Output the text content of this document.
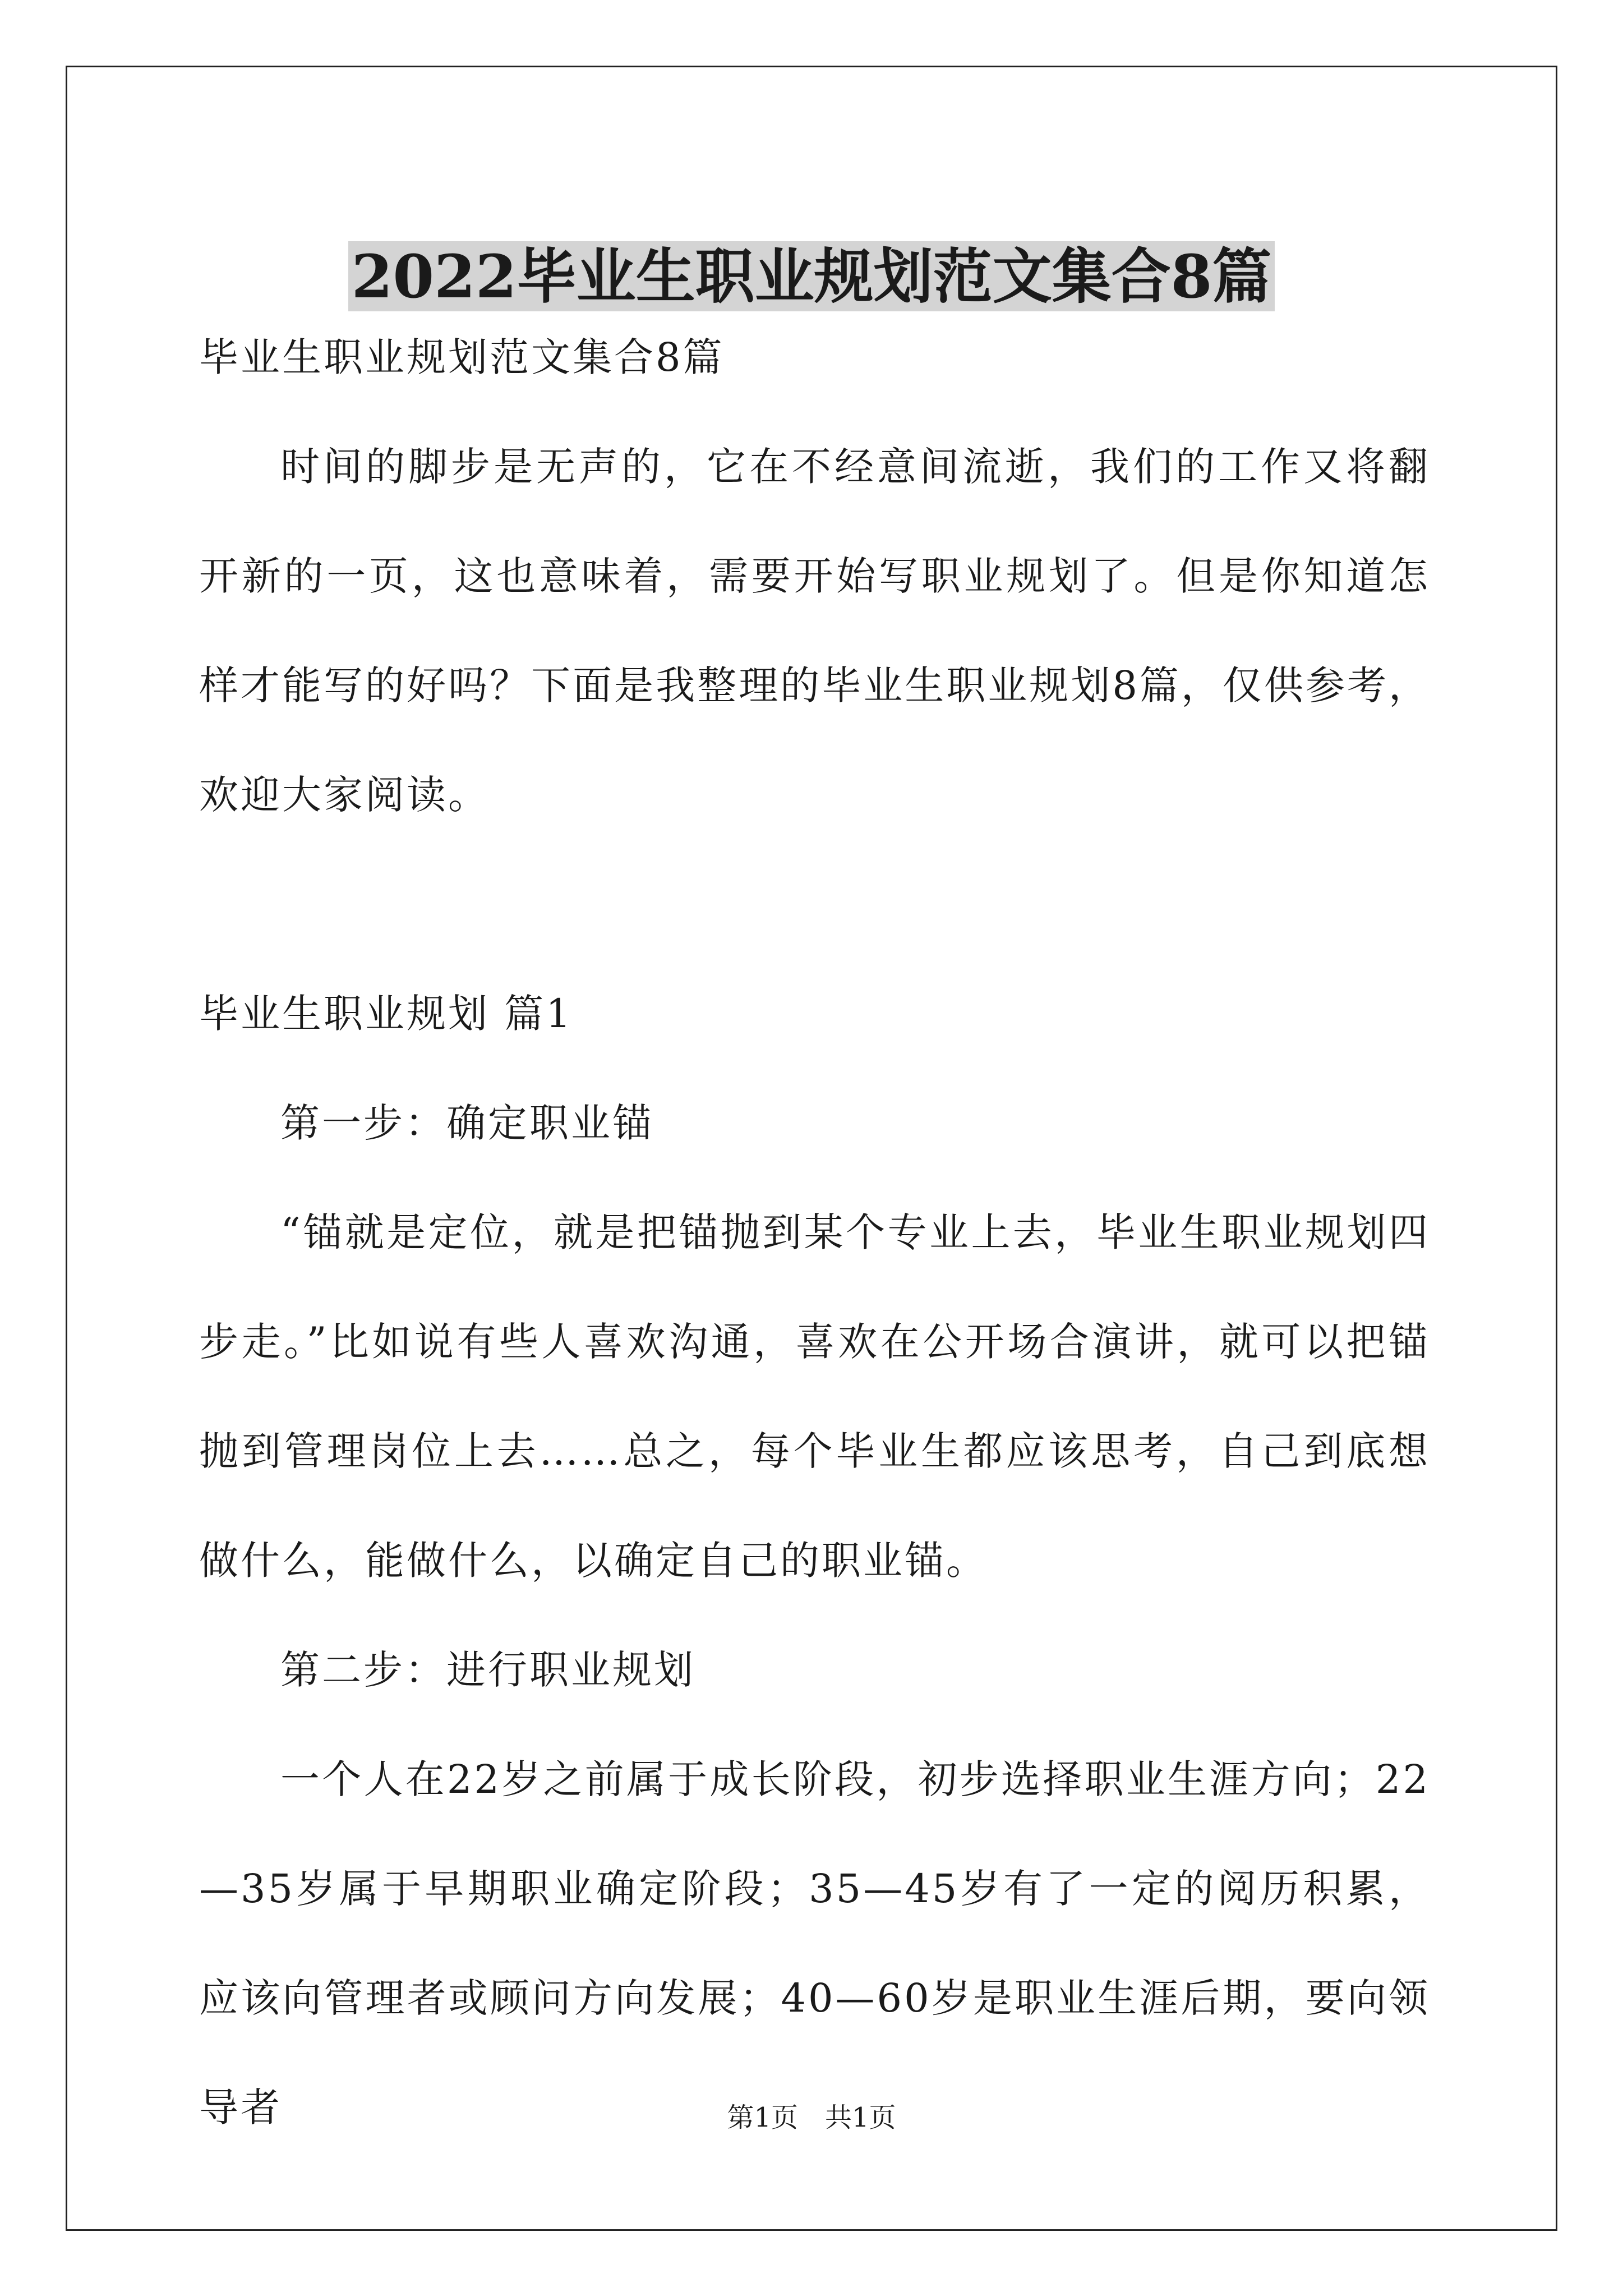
2022毕业生职业规划范文集合8篇

毕业生职业规划范文集合8篇

时间的脚步是无声的，它在不经意间流逝，我们的工作又将翻开新的一页，这也意味着，需要开始写职业规划了。但是你知道怎样才能写的好吗？下面是我整理的毕业生职业规划8篇，仅供参考，欢迎大家阅读。

毕业生职业规划 篇1

第一步：确定职业锚

“锚就是定位，就是把锚抛到某个专业上去，毕业生职业规划四步走。”比如说有些人喜欢沟通，喜欢在公开场合演讲，就可以把锚抛到管理岗位上去……总之，每个毕业生都应该思考，自己到底想做什么，能做什么，以确定自己的职业锚。

第二步：进行职业规划

一个人在22岁之前属于成长阶段，初步选择职业生涯方向；22—35岁属于早期职业确定阶段；35—45岁有了一定的阅历积累，应该向管理者或顾问方向发展；40—60岁是职业生涯后期，要向领导者	第1页 共1页
